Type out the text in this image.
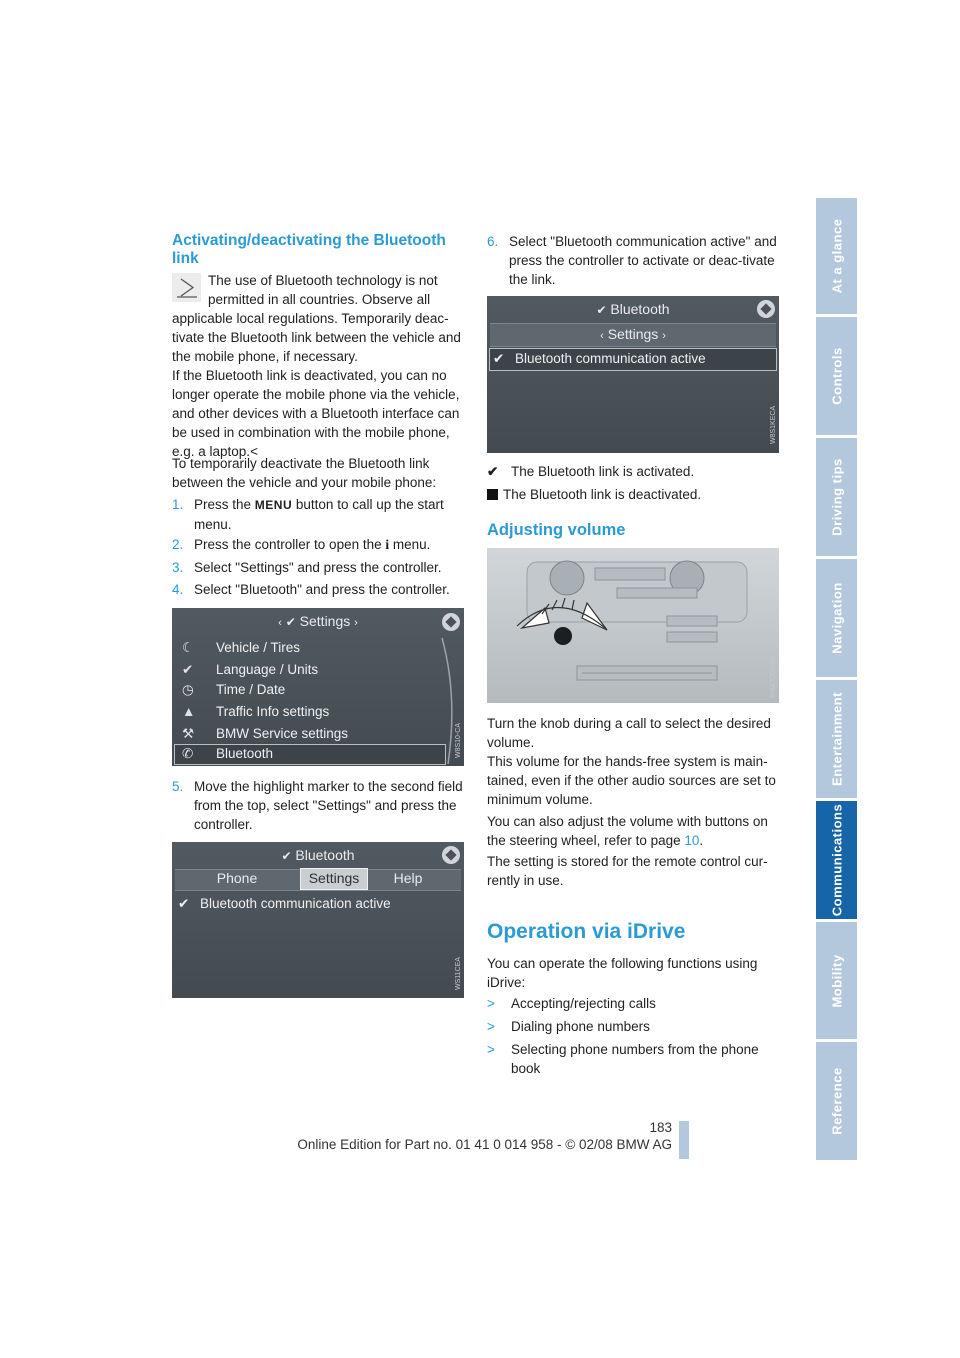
Activating/deactivating the Bluetooth link
The use of Bluetooth technology is not
permitted in all countries. Observe all
applicable local regulations. Temporarily deac-tivate the Bluetooth link between the vehicle and the mobile phone, if necessary.
If the Bluetooth link is deactivated, you can no longer operate the mobile phone via the vehicle, and other devices with a Bluetooth interface can be used in combination with the mobile phone, e.g. a laptop.<
To temporarily deactivate the Bluetooth link between the vehicle and your mobile phone:
1. Press the MENU button to call up the start menu.
2. Press the controller to open the i menu.
3. Select "Settings" and press the controller.
4. Select "Bluetooth" and press the controller.
‹ ✔ Settings ›
☾ Vehicle / Tires
✔ Language / Units
◷ Time / Date
▲ Traffic Info settings
⚒ BMW Service settings
✆ Bluetooth	W8S10-CA
5. Move the highlight marker to the second field from the top, select "Settings" and press the controller.
✔ Bluetooth
Phone	Settings	Help
✔ Bluetooth communication active
WS11CEA
6. Select "Bluetooth communication active" and press the controller to activate or deac-tivate the link.
✔ Bluetooth
‹ Settings ›
✔ Bluetooth communication active
W8S1KECA
✔ The Bluetooth link is activated.
The Bluetooth link is deactivated.
Adjusting volume
W8A7002WA
Turn the knob during a call to select the desired volume.
This volume for the hands-free system is main-tained, even if the other audio sources are set to minimum volume.
You can also adjust the volume with buttons on the steering wheel, refer to page 10.
The setting is stored for the remote control cur-rently in use.
Operation via iDrive
You can operate the following functions using iDrive:
>	Accepting/rejecting calls
>	Dialing phone numbers
>	Selecting phone numbers from the phone book
At a glance
Controls
Driving tips
Navigation
Entertainment
Communications
Mobility
Reference
183
Online Edition for Part no. 01 41 0 014 958 - © 02/08 BMW AG
